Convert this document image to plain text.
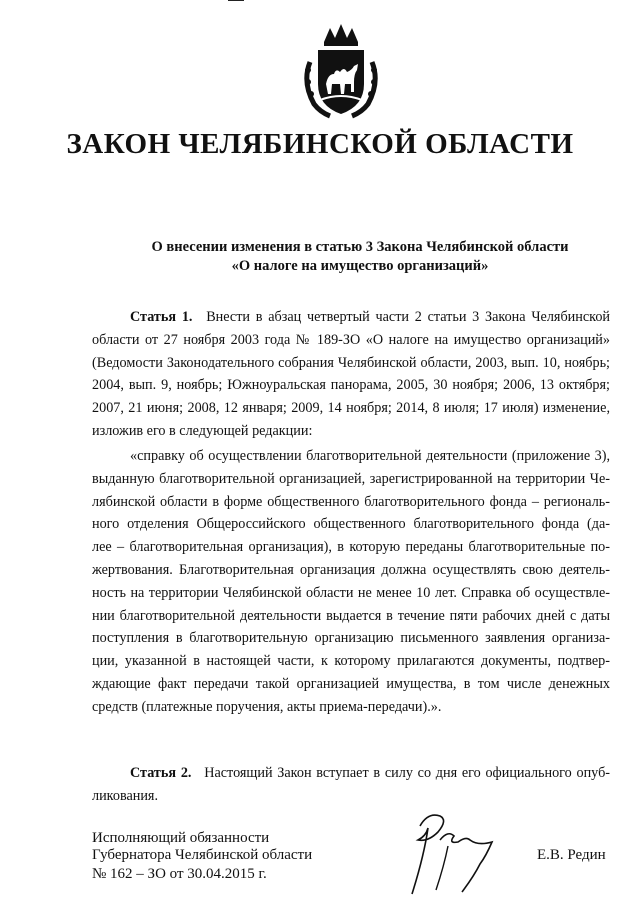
ЗАКОН ЧЕЛЯБИНСКОЙ ОБЛАСТИ
О внесении изменения в статью 3 Закона Челябинской области
«О налоге на имущество организаций»
Статья 1. Внести в абзац четвертый части 2 статьи 3 Закона Челябинской
области от 27 ноября 2003 года № 189-ЗО «О налоге на имущество организаций»
(Ведомости Законодательного собрания Челябинской области, 2003, вып. 10, ноябрь;
2004, вып. 9, ноябрь; Южноуральская панорама, 2005, 30 ноября; 2006, 13 октября;
2007, 21 июня; 2008, 12 января; 2009, 14 ноября; 2014, 8 июля; 17 июля) изменение,
изложив его в следующей редакции:
«справку об осуществлении благотворительной деятельности (приложение 3),
выданную благотворительной организацией, зарегистрированной на территории Че-
лябинской области в форме общественного благотворительного фонда – региональ-
ного отделения Общероссийского общественного благотворительного фонда (да-
лее – благотворительная организация), в которую переданы благотворительные по-
жертвования. Благотворительная организация должна осуществлять свою деятель-
ность на территории Челябинской области не менее 10 лет. Справка об осуществле-
нии благотворительной деятельности выдается в течение пяти рабочих дней с даты
поступления в благотворительную организацию письменного заявления организа-
ции, указанной в настоящей части, к которому прилагаются документы, подтвер-
ждающие факт передачи такой организацией имущества, в том числе денежных
средств (платежные поручения, акты приема-передачи).».
Статья 2. Настоящий Закон вступает в силу со дня его официального опуб-
ликования.
Исполняющий обязанности
Губернатора Челябинской области	Е.В. Редин
№ 162 – ЗО от 30.04.2015 г.
